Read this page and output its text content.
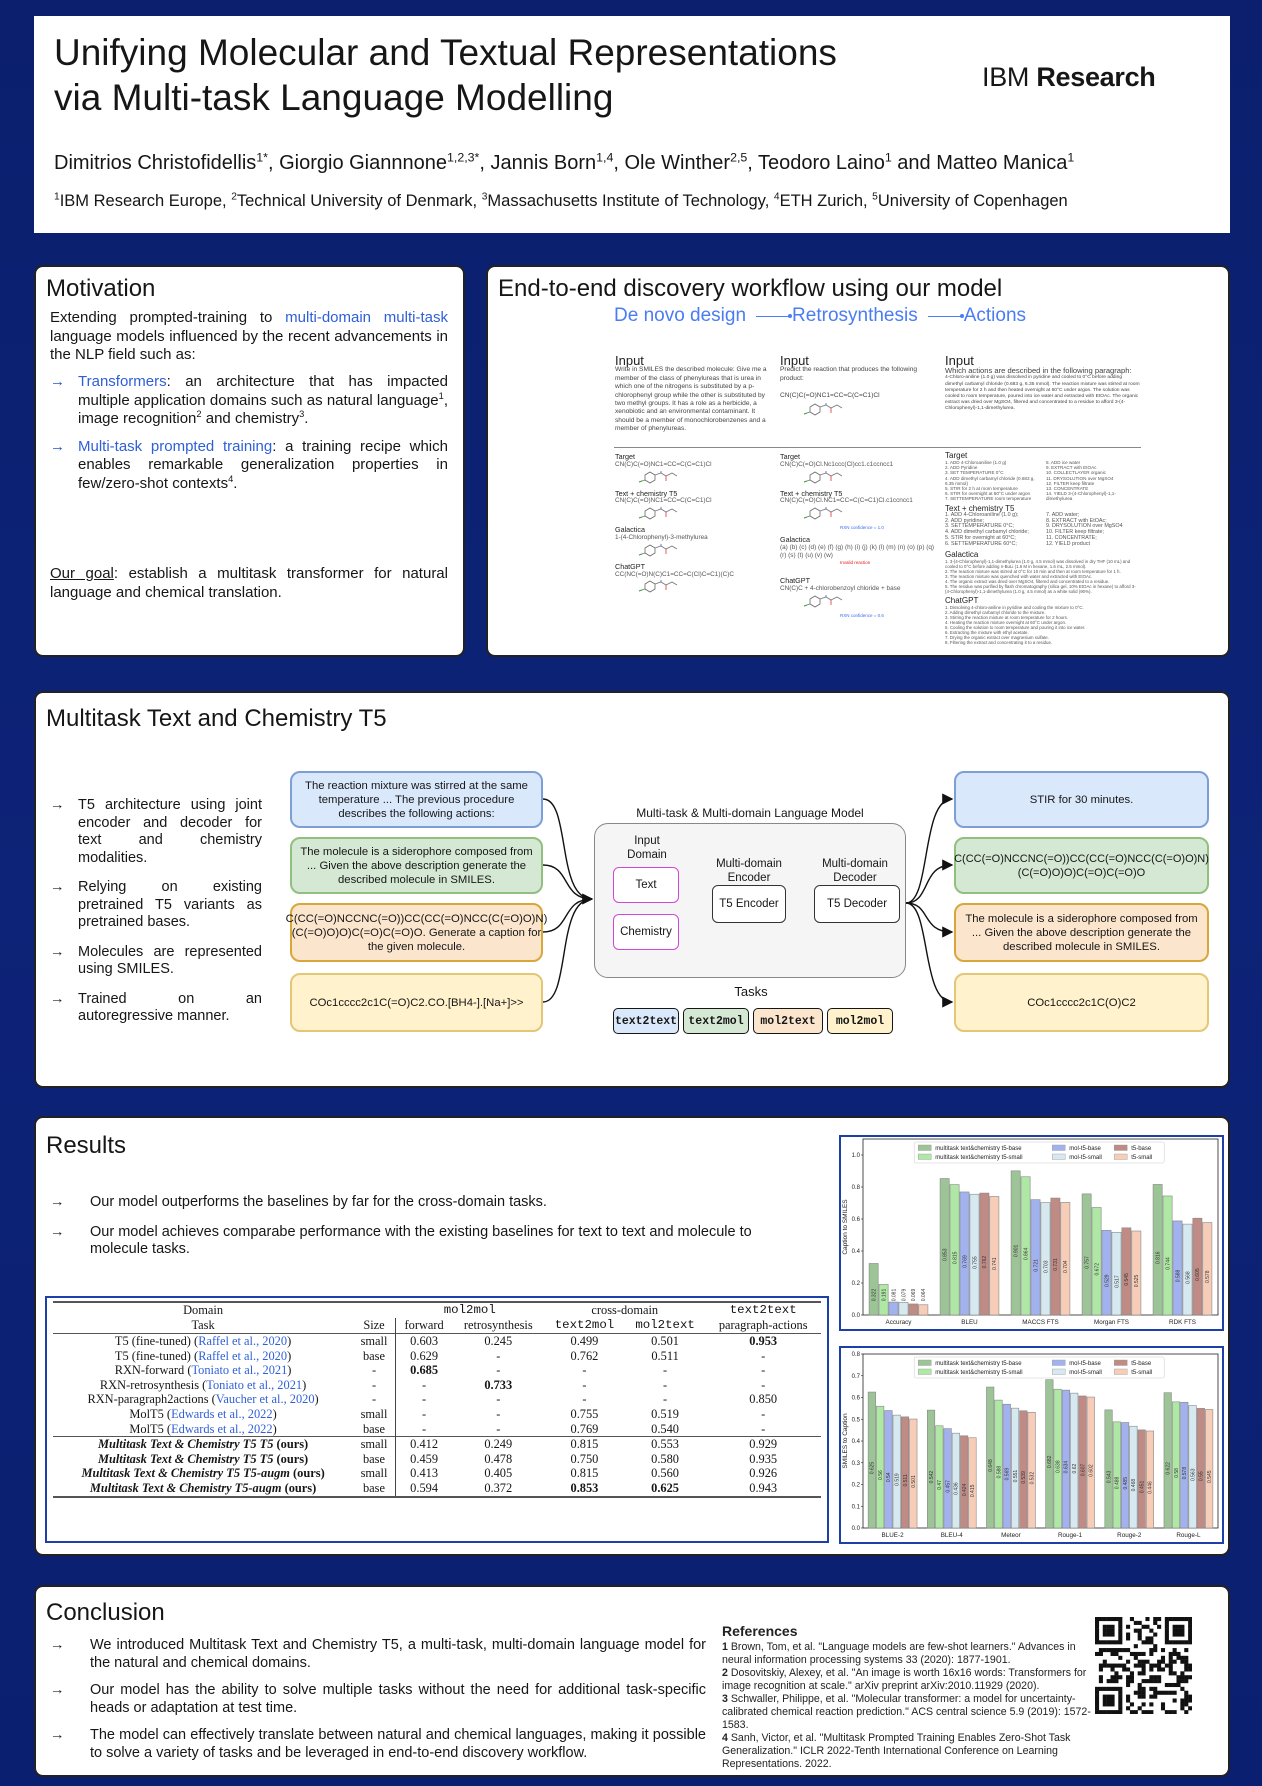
Unifying Molecular and Textual Representations
via Multi-task Language Modelling	IBM Research
Dimitrios Christofidellis$^{1*}$, Giorgio Giannnone$^{1,2,3*}$, Jannis Born$^{1,4}$, Ole Winther$^{2,5}$, Teodoro Laino$^1$ and Matteo Manica$^1$
$^1$IBM Research Europe, $^2$Technical University of Denmark, $^3$Massachusetts Institute of Technology, $^4$ETH Zurich, $^5$University of Copenhagen
Motivation
Extending prompted-training to multi-domain multi-task language models influenced by the recent advancements in the NLP field such as:
→ Transformers: an architecture that has impacted multiple application domains such as natural language$^1$, image recognition$^2$ and chemistry$^3$.
→ Multi-task prompted training: a training recipe which enables remarkable generalization properties in few/zero-shot contexts$^4$.
Our goal: establish a multitask transformer for natural language and chemical translation.
End-to-end discovery workflow using our model
De novo design Retrosynthesis Actions
Input
Write in SMILES the described molecule: Give me a member of the class of phenylureas that is urea in which one of the nitrogens is substituted by a p-chlorophenyl group while the other is substituted by two methyl groups. It has a role as a herbicide, a xenobiotic and an environmental contaminant. It should be a member of monochlorobenzenes and a member of phenylureas.
Target
CN(C)C(=O)NC1=CC=C(C=C1)Cl
Text + chemistry T5
CN(C)C(=O)NC1=CC=C(C=C1)Cl
Galactica
1-(4-Chlorophenyl)-3-methylurea
ChatGPT
CC(NC(=O)N(C)C1=CC=C(Cl)C=C1)(C)C
Input
Predict the reaction that produces the following product:
CN(C)C(=O)NC1=CC=C(C=C1)Cl
Target
CN(C)C(=O)Cl.Nc1ccc(Cl)cc1.c1ccncc1
Text + chemistry T5
CN(C)C(=O)Cl.NC1=CC=C(C=C1)Cl.c1ccncc1
RXN confidence = 1.0
Galactica
(a) (b) (c) (d) (e) (f) (g) (h) (i) (j) (k) (l) (m) (n) (o) (p) (q) (r) (s) (t) (u) (v) (w)
Invalid reaction
ChatGPT
CN(C)C + 4-chlorobenzoyl chloride + base
RXN confidence = 0.6
Input
Which actions are described in the following paragraph:
4-Chloro-aniline (1.0 g) was dissolved in pyridine and cooled to 0°C before adding dimethyl carbamyl chloride (0.683 g, 6.35 mmol). The reaction mixture was stirred at room temperature for 2 h and then heated overnight at 60°C under argon. The solution was cooled to room temperature, poured into ice water and extracted with EtOAc. The organic extract was dried over MgSO4, filtered and concentrated to a residue to afford 3-(4-Chlorophenyl)-1,1-dimethylurea.
Target
1. ADD 4-Chloroaniline (1.0 g)
2. ADD Pyridine
3. SET TEMPERATURE 0°C
4. ADD dimethyl carbamyl chloride (0.683 g, 6.35 mmol)
5. STIR for 2 h at room temperature
6. STIR for overnight at 60°C under argon
7. SETTEMPERATURE room temperature
8. ADD ice water
9. EXTRACT with EtOAc
10. COLLECTLAYER organic
11. DRYSOLUTION over MgSO4
12. FILTER keep filtrate
13. CONCENTRATE
14. YIELD 3-(4-Chlorophenyl)-1,1-dimethylurea
Text + chemistry T5
1. ADD 4-Chloroaniline (1.0 g);
2. ADD pyridine;
3. SETTEMPERATURE 0°C;
4. ADD dimethyl carbamyl chloride;
5. STIR for overnight at 60°C;
6. SETTEMPERATURE 60°C;
7. ADD water;
8. EXTRACT with EtOAc;
9. DRYSOLUTION over MgSO4
10. FILTER keep filtrate;
11. CONCENTRATE;
12. YIELD product
Galactica
1. 3-(4-Chlorophenyl)-1,1-dimethylurea (1.0 g, 4.5 mmol) was dissolved in dry THF (10 mL) and cooled to 0°C before adding n-BuLi (1.6 M in hexane, 1.6 mL, 2.5 mmol).
2. The reaction mixture was stirred at 0°C for 10 min and then at room temperature for 1 h.
3. The reaction mixture was quenched with water and extracted with EtOAc.
4. The organic extract was dried over MgSO4, filtered and concentrated to a residue.
5. The residue was purified by flash chromatography (silica gel, 10% EtOAc in hexane) to afford 3-(4-Chlorophenyl)-1,1-dimethylurea (1.0 g, 4.5 mmol) as a white solid (90%).
ChatGPT
1. Dissolving 4-chloro-aniline in pyridine and cooling the mixture to 0°C.
2. Adding dimethyl carbamyl chloride to the mixture.
3. Stirring the reaction mixture at room temperature for 2 hours.
4. Heating the reaction mixture overnight at 60°C under argon.
5. Cooling the solution to room temperature and pouring it into ice water.
6. Extracting the mixture with ethyl acetate.
7. Drying the organic extract over magnesium sulfate.
8. Filtering the extract and concentrating it to a residue.
Multitask Text and Chemistry T5
→ T5 architecture using joint encoder and decoder for text and chemistry modalities.
→ Relying on existing pretrained T5 variants as pretrained bases.
→ Molecules are represented using SMILES.
→ Trained on an autoregressive manner.
The reaction mixture was stirred at the same temperature ... The previous procedure describes the following actions:
The molecule is a siderophore composed from ... Given the above description generate the described molecule in SMILES.
C(CC(=O)NCCNC(=O))CC(CC(=O)NCC(C(=O)O)N)(C(=O)O)O)C(=O)C(=O)O. Generate a caption for the given molecule.
COc1cccc2c1C(=O)C2.CO.[BH4-].[Na+]>>
Multi-task & Multi-domain Language Model
Input Domain
Text
Chemistry
Multi-domain Encoder
T5 Encoder
Multi-domain Decoder
T5 Decoder
Tasks
text2text text2mol	mol2text	mol2mol
STIR for 30 minutes.
C(CC(=O)NCCNC(=O))CC(CC(=O)NCC(C(=O)O)N)(C(=O)O)O)C(=O)C(=O)O
The molecule is a siderophore composed from ... Given the above description generate the described molecule in SMILES.
COc1cccc2c1C(O)C2
Results
→ Our model outperforms the baselines by far for the cross-domain tasks.
→ Our model achieves comparabe performance with the existing baselines for text to text and molecule to molecule tasks.
Domain		mol2mol		cross-domain		text2text
Task	Size	forward	retrosynthesis	text2mol	mol2text	paragraph-actions
T5 (fine-tuned) (Raffel et al., 2020)	small	0.603	0.245	0.499	0.501	0.953
T5 (fine-tuned) (Raffel et al., 2020)	base	0.629	-	0.762	0.511	-
RXN-forward (Toniato et al., 2021)	-	0.685	-	-	-	-
RXN-retrosynthesis (Toniato et al., 2021)	-	-	0.733	-	-	-
RXN-paragraph2actions (Vaucher et al., 2020)	-	-	-	-	-	0.850
MolT5 (Edwards et al., 2022)	small	-	-	0.755	0.519	-
MolT5 (Edwards et al., 2022)	base	-	-	0.769	0.540	-
Multitask Text & Chemistry T5 T5 (ours)	small	0.412	0.249	0.815	0.553	0.929
Multitask Text & Chemistry T5 T5 (ours)	base	0.459	0.478	0.750	0.580	0.935
Multitask Text & Chemistry T5 T5-augm (ours)	small	0.413	0.405	0.815	0.560	0.926
Multitask Text & Chemistry T5-augm (ours)	base	0.594	0.372	0.853	0.625	0.943
Caption to SMILES
0.0
0.2
0.4
0.6
0.8
1.0
Accuracy
0.322 0.191 0.081 0.079 0.069 0.064
BLEU
0.853 0.815 0.769 0.755 0.762 0.741
MACCS FTS
0.901 0.864
0.721 0.703 0.731 0.704
Morgan FTS
0.757
0.672
0.529 0.517 0.545 0.525
RDK FTS
0.816 0.744
0.588 0.568 0.605 0.578
multitask text&chemistry t5-base
multitask text&chemistry t5-small
mol-t5-base
mol-t5-small
t5-base
t5-small
SMILES to Caption
0.0
0.1
0.2
0.3
0.4
0.5
0.6
0.7
0.8
BLUE-2
0.625
0.56 0.54 0.519 0.511 0.501
BLEU-4
0.542
0.47 0.457 0.436 0.424 0.415
Meteor
0.648
0.588 0.569 0.551 0.539 0.532
Rouge-1
0.682 0.638 0.634 0.62 0.607 0.602
Rouge-2
0.543 0.488 0.485 0.468 0.451 0.446
Rouge-L
0.622 0.58 0.578 0.563 0.55 0.545
multitask text&chemistry t5-base
multitask text&chemistry t5-small
mol-t5-base
mol-t5-small
t5-base
t5-small
Conclusion
→ We introduced Multitask Text and Chemistry T5, a multi-task, multi-domain language model for the natural and chemical domains.
→ Our model has the ability to solve multiple tasks without the need for additional task-specific heads or adaptation at test time.
→ The model can effectively translate between natural and chemical languages, making it possible to solve a variety of tasks and be leveraged in end-to-end discovery workflow.
References
1 Brown, Tom, et al. "Language models are few-shot learners." Advances in neural information processing systems 33 (2020): 1877-1901.
2 Dosovitskiy, Alexey, et al. "An image is worth 16x16 words: Transformers for image recognition at scale." arXiv preprint arXiv:2010.11929 (2020).
3 Schwaller, Philippe, et al. "Molecular transformer: a model for uncertainty-calibrated chemical reaction prediction." ACS central science 5.9 (2019): 1572-1583.
4 Sanh, Victor, et al. "Multitask Prompted Training Enables Zero-Shot Task Generalization." ICLR 2022-Tenth International Conference on Learning Representations. 2022.
